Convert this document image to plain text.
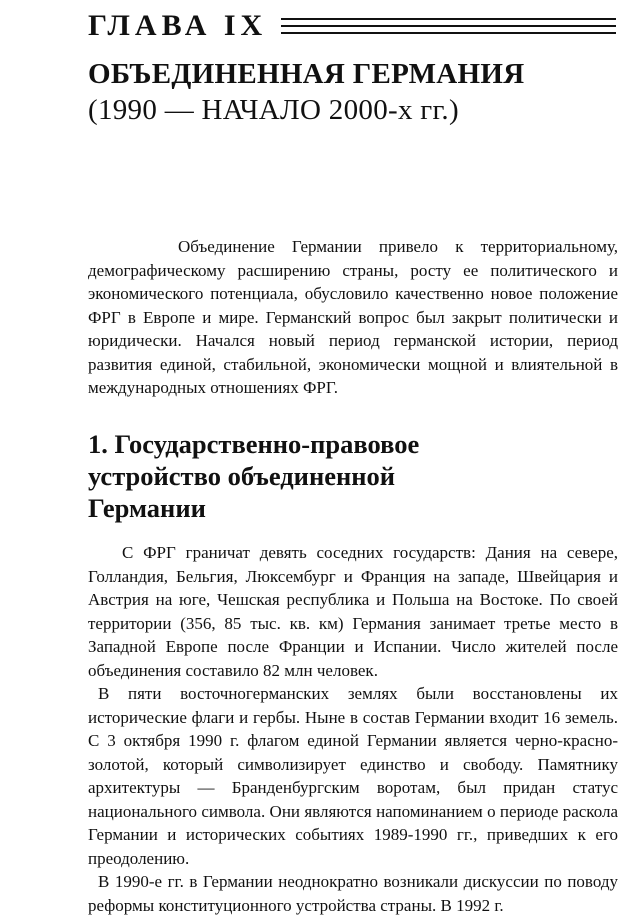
ГЛАВА IX
ОБЪЕДИНЕННАЯ ГЕРМАНИЯ
(1990 — НАЧАЛО 2000-х гг.)

Объединение Германии привело к территориальному, демографическому расширению страны, росту ее политического и экономического потенциала, обусловило качественно новое положение ФРГ в Европе и мире. Германский вопрос был закрыт политически и юридически. Начался новый период германской истории, период развития единой, стабильной, экономически мощной и влиятельной в международных отношениях ФРГ.

1. Государственно-правовое устройство объединенной Германии

С ФРГ граничат девять соседних государств: Дания на севере, Голландия, Бельгия, Люксембург и Франция на западе, Швейцария и Австрия на юге, Чешская республика и Польша на Востоке. По своей территории (356, 85 тыс. кв. км) Германия занимает третье место в Западной Европе после Франции и Испании. Число жителей после объединения составило 82 млн человек.

В пяти восточногерманских землях были восстановлены их исторические флаги и гербы. Ныне в состав Германии входит 16 земель. С 3 октября 1990 г. флагом единой Германии является черно-красно-золотой, который символизирует единство и свободу. Памятнику архитектуры — Бранденбургским воротам, был придан статус национального символа. Они являются напоминанием о периоде раскола Германии и исторических событиях 1989-1990 гг., приведших к его преодолению.

В 1990-е гг. в Германии неоднократно возникали дискуссии по поводу реформы конституционного устройства страны. В 1992 г.
